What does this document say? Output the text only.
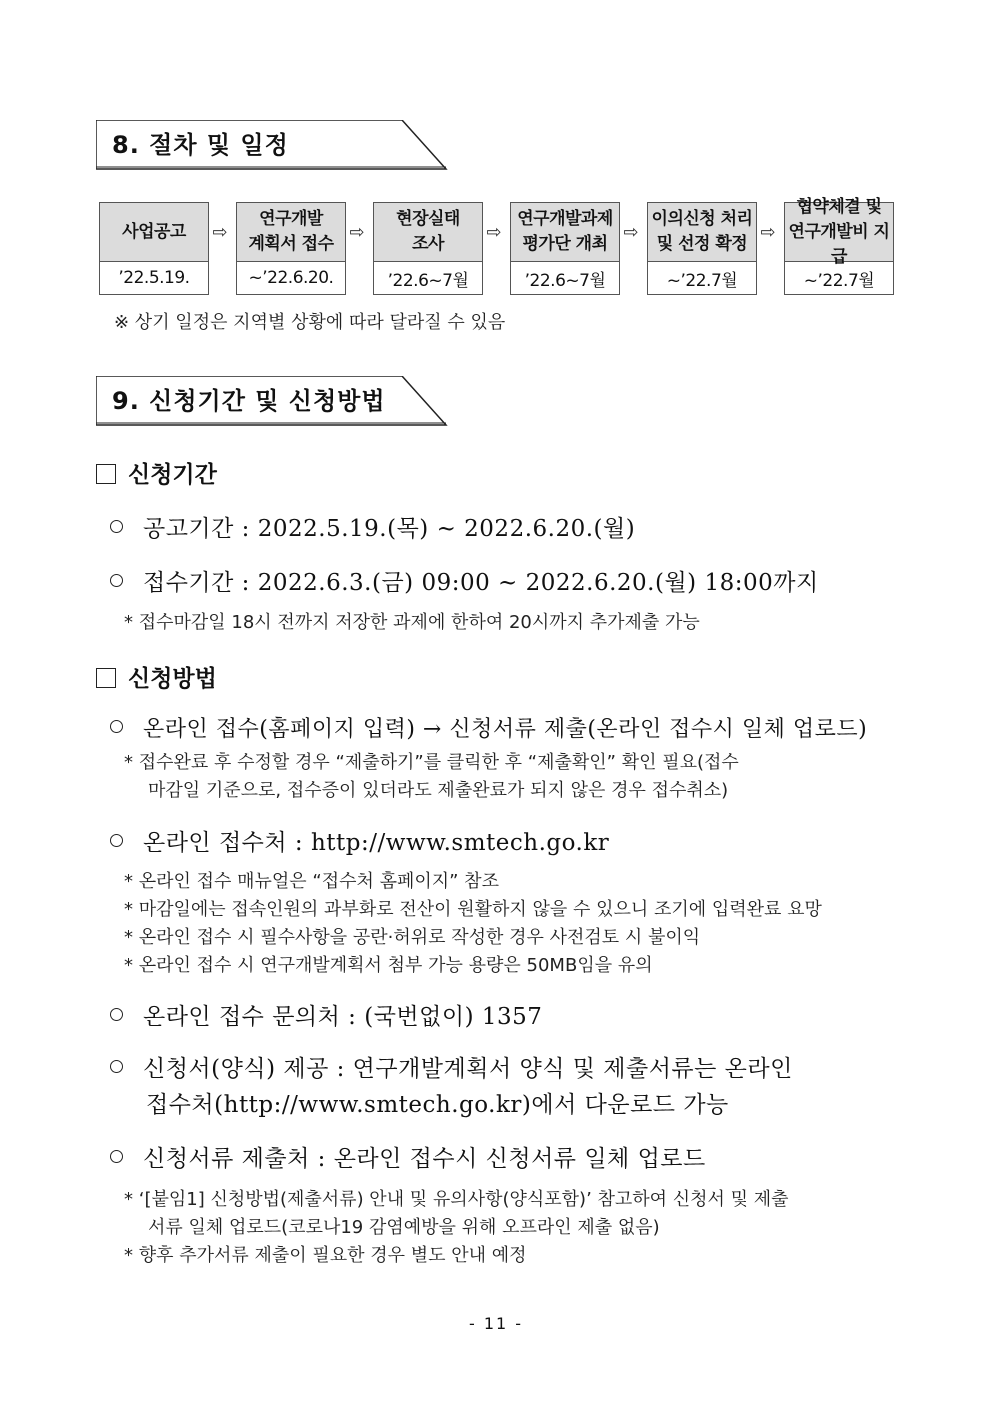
8. 절차 및 일정
사업공고

’22.5.19.
⇨
연구개발
계획서 접수
~’22.6.20.
⇨
현장실태
조사
’22.6~7월
⇨
연구개발과제
평가단 개최
’22.6~7월
⇨
이의신청 처리
및 선정 확정
~’22.7월
⇨
협약체결 및
연구개발비 지급
~’22.7월
※ 상기 일정은 지역별 상황에 따라 달라질 수 있음
9. 신청기간 및 신청방법
신청기간
공고기간 : 2022.5.19.(목) ~ 2022.6.20.(월)
접수기간 : 2022.6.3.(금) 09:00 ~ 2022.6.20.(월) 18:00까지
* 접수마감일 18시 전까지 저장한 과제에 한하여 20시까지 추가제출 가능
신청방법
온라인 접수(홈페이지 입력) → 신청서류 제출(온라인 접수시 일체 업로드)
* 접수완료 후 수정할 경우 “제출하기”를 클릭한 후 “제출확인” 확인 필요(접수
마감일 기준으로, 접수증이 있더라도 제출완료가 되지 않은 경우 접수취소)
온라인 접수처 : http://www.smtech.go.kr
* 온라인 접수 매뉴얼은 “접수처 홈페이지” 참조
* 마감일에는 접속인원의 과부화로 전산이 원활하지 않을 수 있으니 조기에 입력완료 요망
* 온라인 접수 시 필수사항을 공란·허위로 작성한 경우 사전검토 시 불이익
* 온라인 접수 시 연구개발계획서 첨부 가능 용량은 50MB임을 유의
온라인 접수 문의처 : (국번없이) 1357
신청서(양식) 제공 : 연구개발계획서 양식 및 제출서류는 온라인
접수처(http://www.smtech.go.kr)에서 다운로드 가능
신청서류 제출처 : 온라인 접수시 신청서류 일체 업로드
* ‘[붙임1] 신청방법(제출서류) 안내 및 유의사항(양식포함)’ 참고하여 신청서 및 제출
서류 일체 업로드(코로나19 감염예방을 위해 오프라인 제출 없음)
* 향후 추가서류 제출이 필요한 경우 별도 안내 예정
- 11 -
